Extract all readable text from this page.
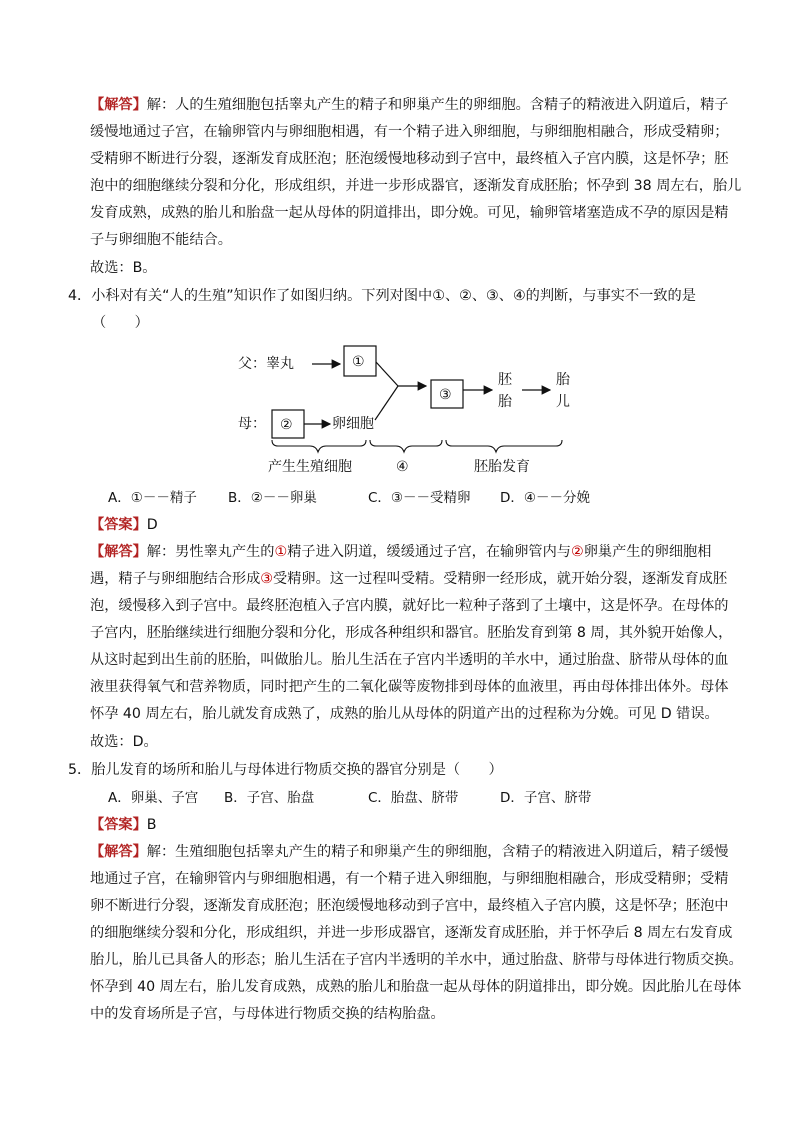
【解答】解：人的生殖细胞包括睾丸产生的精子和卵巢产生的卵细胞。含精子的精液进入阴道后，精子
缓慢地通过子宫，在输卵管内与卵细胞相遇，有一个精子进入卵细胞，与卵细胞相融合，形成受精卵；
受精卵不断进行分裂，逐渐发育成胚泡；胚泡缓慢地移动到子宫中，最终植入子宫内膜，这是怀孕；胚
泡中的细胞继续分裂和分化，形成组织，并进一步形成器官，逐渐发育成胚胎；怀孕到 38 周左右，胎儿
发育成熟，成熟的胎儿和胎盘一起从母体的阴道排出，即分娩。可见，输卵管堵塞造成不孕的原因是精
子与卵细胞不能结合。
故选：B。
4．小科对有关“人的生殖”知识作了如图归纳。下列对图中①、②、③、④的判断，与事实不一致的是
（　　）
父：睾丸	①
③
胚
胎
胎
儿
母： ②	卵细胞
产生生殖细胞	④	胚胎发育
A．①－－精子 B．②－－卵巢	C．③－－受精卵 D．④－－分娩
【答案】D
【解答】解：男性睾丸产生的①精子进入阴道，缓缓通过子宫，在输卵管内与②卵巢产生的卵细胞相
遇，精子与卵细胞结合形成③受精卵。这一过程叫受精。受精卵一经形成，就开始分裂，逐渐发育成胚
泡，缓慢移入到子宫中。最终胚泡植入子宫内膜，就好比一粒种子落到了土壤中，这是怀孕。在母体的
子宫内，胚胎继续进行细胞分裂和分化，形成各种组织和器官。胚胎发育到第 8 周，其外貌开始像人，
从这时起到出生前的胚胎，叫做胎儿。胎儿生活在子宫内半透明的羊水中，通过胎盘、脐带从母体的血
液里获得氧气和营养物质，同时把产生的二氧化碳等废物排到母体的血液里，再由母体排出体外。母体
怀孕 40 周左右，胎儿就发育成熟了，成熟的胎儿从母体的阴道产出的过程称为分娩。可见 D 错误。
故选：D。
5．胎儿发育的场所和胎儿与母体进行物质交换的器官分别是（　　）
A．卵巢、子宫 B．子宫、胎盘	C．胎盘、脐带	D．子宫、脐带
【答案】B
【解答】解：生殖细胞包括睾丸产生的精子和卵巢产生的卵细胞，含精子的精液进入阴道后，精子缓慢
地通过子宫，在输卵管内与卵细胞相遇，有一个精子进入卵细胞，与卵细胞相融合，形成受精卵；受精
卵不断进行分裂，逐渐发育成胚泡；胚泡缓慢地移动到子宫中，最终植入子宫内膜，这是怀孕；胚泡中
的细胞继续分裂和分化，形成组织，并进一步形成器官，逐渐发育成胚胎，并于怀孕后 8 周左右发育成
胎儿，胎儿已具备人的形态；胎儿生活在子宫内半透明的羊水中，通过胎盘、脐带与母体进行物质交换。
怀孕到 40 周左右，胎儿发育成熟，成熟的胎儿和胎盘一起从母体的阴道排出，即分娩。因此胎儿在母体
中的发育场所是子宫，与母体进行物质交换的结构胎盘。
